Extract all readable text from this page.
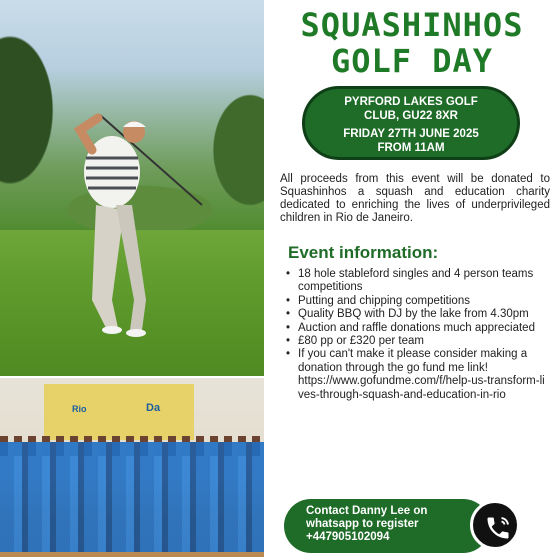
Rio	Da
SQUASHINHOS
GOLF DAY
PYRFORD LAKES GOLF
CLUB, GU22 8XR
FRIDAY 27TH JUNE 2025
FROM 11AM

All proceeds from this event will be donated to Squashinhos a squash and education charity dedicated to enriching the lives of underprivileged children in Rio de Janeiro.

Event information:
• 18 hole stableford singles and 4 person teams competitions
• Putting and chipping competitions
• Quality BBQ with DJ by the lake from 4.30pm
• Auction and raffle donations much appreciated
• £80 pp or £320 per team
• If you can't make it please consider making a donation through the go fund me link!
https://www.gofundme.com/f/help-us-transform-lives-through-squash-and-education-in-rio
Contact Danny Lee on
whatsapp to register
+447905102094
